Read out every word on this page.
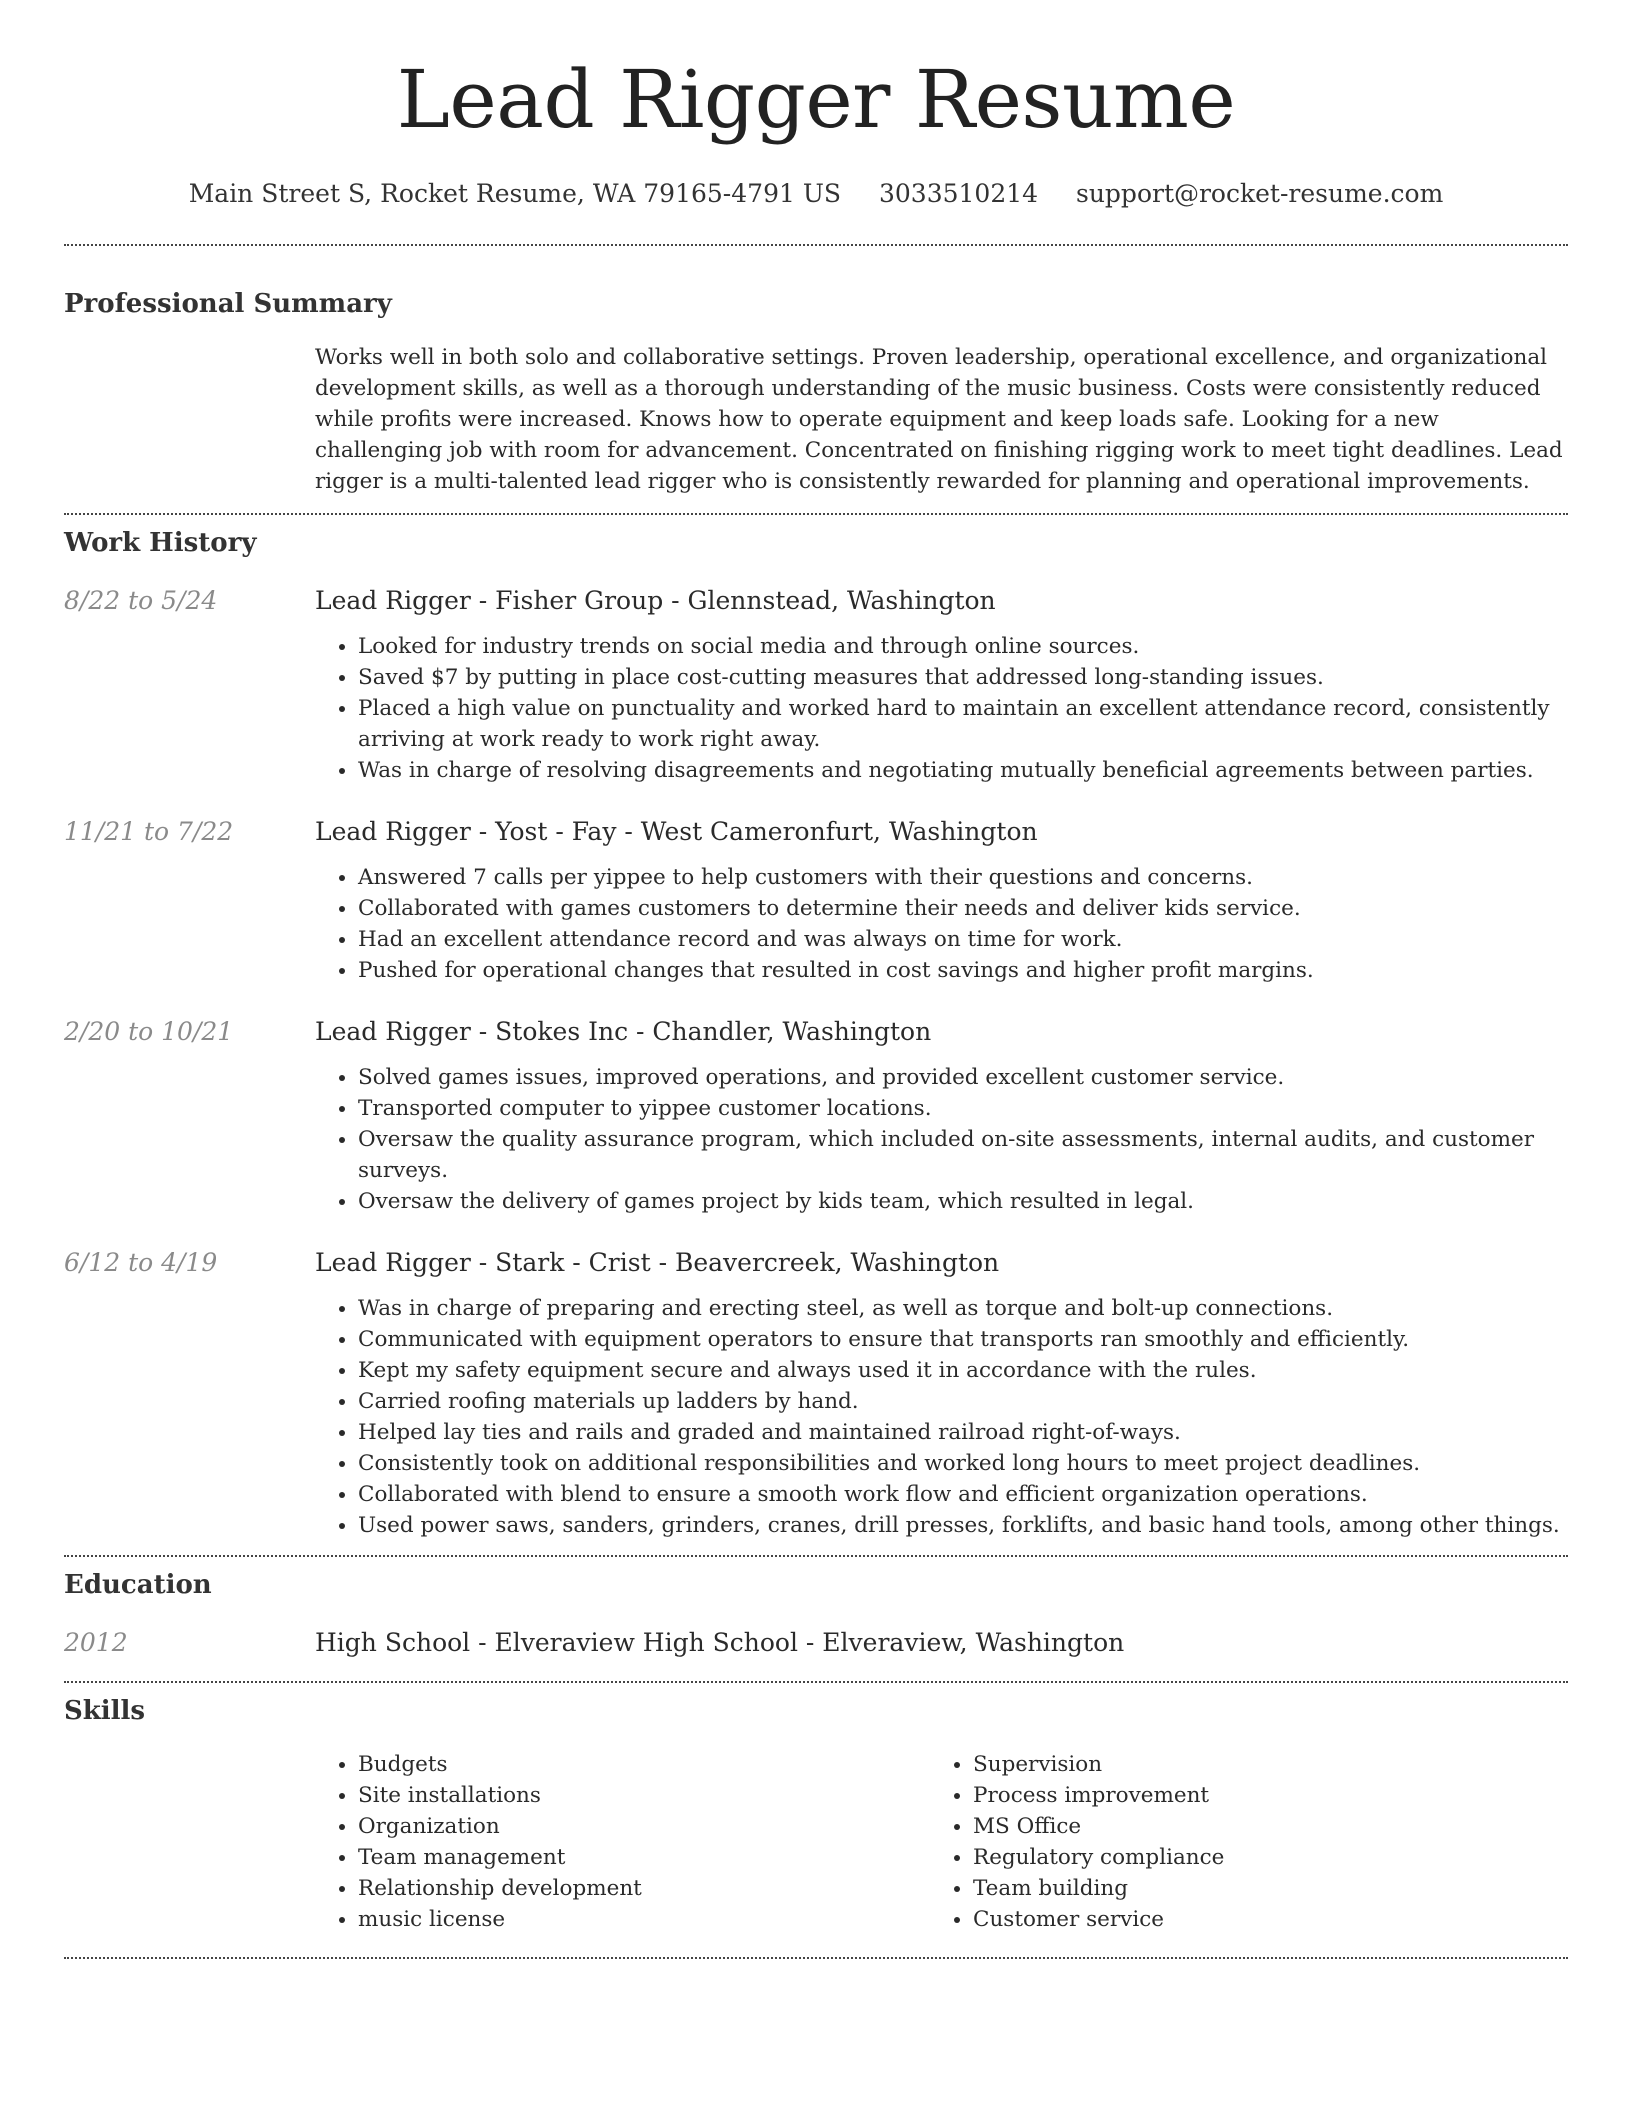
Lead Rigger Resume
Main Street S, Rocket Resume, WA 79165-4791 US 3033510214 support@rocket-resume.com
Professional Summary

Works well in both solo and collaborative settings. Proven leadership, operational excellence, and organizational development skills, as well as a thorough understanding of the music business. Costs were consistently reduced while profits were increased. Knows how to operate equipment and keep loads safe. Looking for a new challenging job with room for advancement. Concentrated on finishing rigging work to meet tight deadlines. Lead rigger is a multi-talented lead rigger who is consistently rewarded for planning and operational improvements.

Work History
8/22 to 5/24	Lead Rigger - Fisher Group - Glennstead, Washington
• Looked for industry trends on social media and through online sources.
• Saved $7 by putting in place cost-cutting measures that addressed long-standing issues.
• Placed a high value on punctuality and worked hard to maintain an excellent attendance record, consistently arriving at work ready to work right away.
• Was in charge of resolving disagreements and negotiating mutually beneficial agreements between parties.
11/21 to 7/22	Lead Rigger - Yost - Fay - West Cameronfurt, Washington
• Answered 7 calls per yippee to help customers with their questions and concerns.
• Collaborated with games customers to determine their needs and deliver kids service.
• Had an excellent attendance record and was always on time for work.
• Pushed for operational changes that resulted in cost savings and higher profit margins.
2/20 to 10/21	Lead Rigger - Stokes Inc - Chandler, Washington
• Solved games issues, improved operations, and provided excellent customer service.
• Transported computer to yippee customer locations.
• Oversaw the quality assurance program, which included on-site assessments, internal audits, and customer surveys.
• Oversaw the delivery of games project by kids team, which resulted in legal.
6/12 to 4/19	Lead Rigger - Stark - Crist - Beavercreek, Washington
• Was in charge of preparing and erecting steel, as well as torque and bolt-up connections.
• Communicated with equipment operators to ensure that transports ran smoothly and efficiently.
• Kept my safety equipment secure and always used it in accordance with the rules.
• Carried roofing materials up ladders by hand.
• Helped lay ties and rails and graded and maintained railroad right-of-ways.
• Consistently took on additional responsibilities and worked long hours to meet project deadlines.
• Collaborated with blend to ensure a smooth work flow and efficient organization operations.
• Used power saws, sanders, grinders, cranes, drill presses, forklifts, and basic hand tools, among other things.
Education
2012	High School - Elveraview High School - Elveraview, Washington
Skills
• Budgets
• Site installations
• Organization
• Team management
• Relationship development
• music license
• Supervision
• Process improvement
• MS Office
• Regulatory compliance
• Team building
• Customer service
